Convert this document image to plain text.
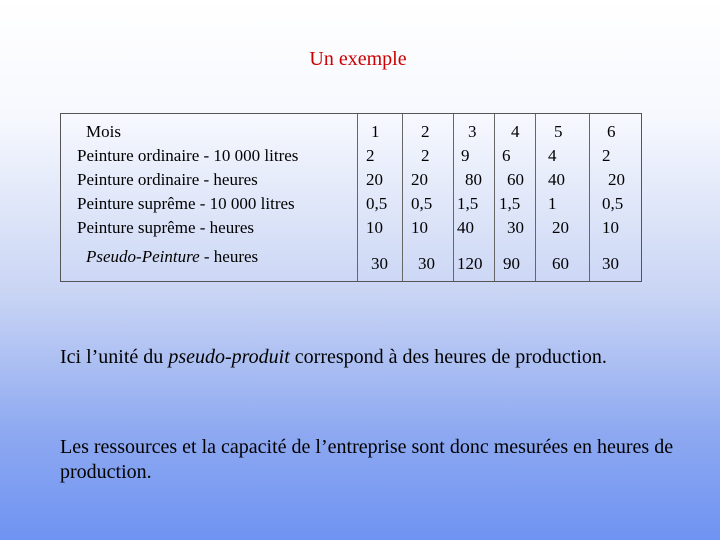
Un exemple
Mois
Peinture ordinaire - 10 000 litres
Peinture ordinaire - heures
Peinture suprême - 10 000 litres
Peinture suprême - heures
Pseudo-Peinture - heures
1
2
20
0,5
10
30
2
2
20
0,5
10
30
3
9
80
1,5
40
120
4
6
60
1,5
30
90
5
4
40
1
20
60
6
2
20
0,5
10
30
Ici l’unité du pseudo-produit correspond à des heures de production.
Les ressources et la capacité de l’entreprise sont donc mesurées en heures de production.
